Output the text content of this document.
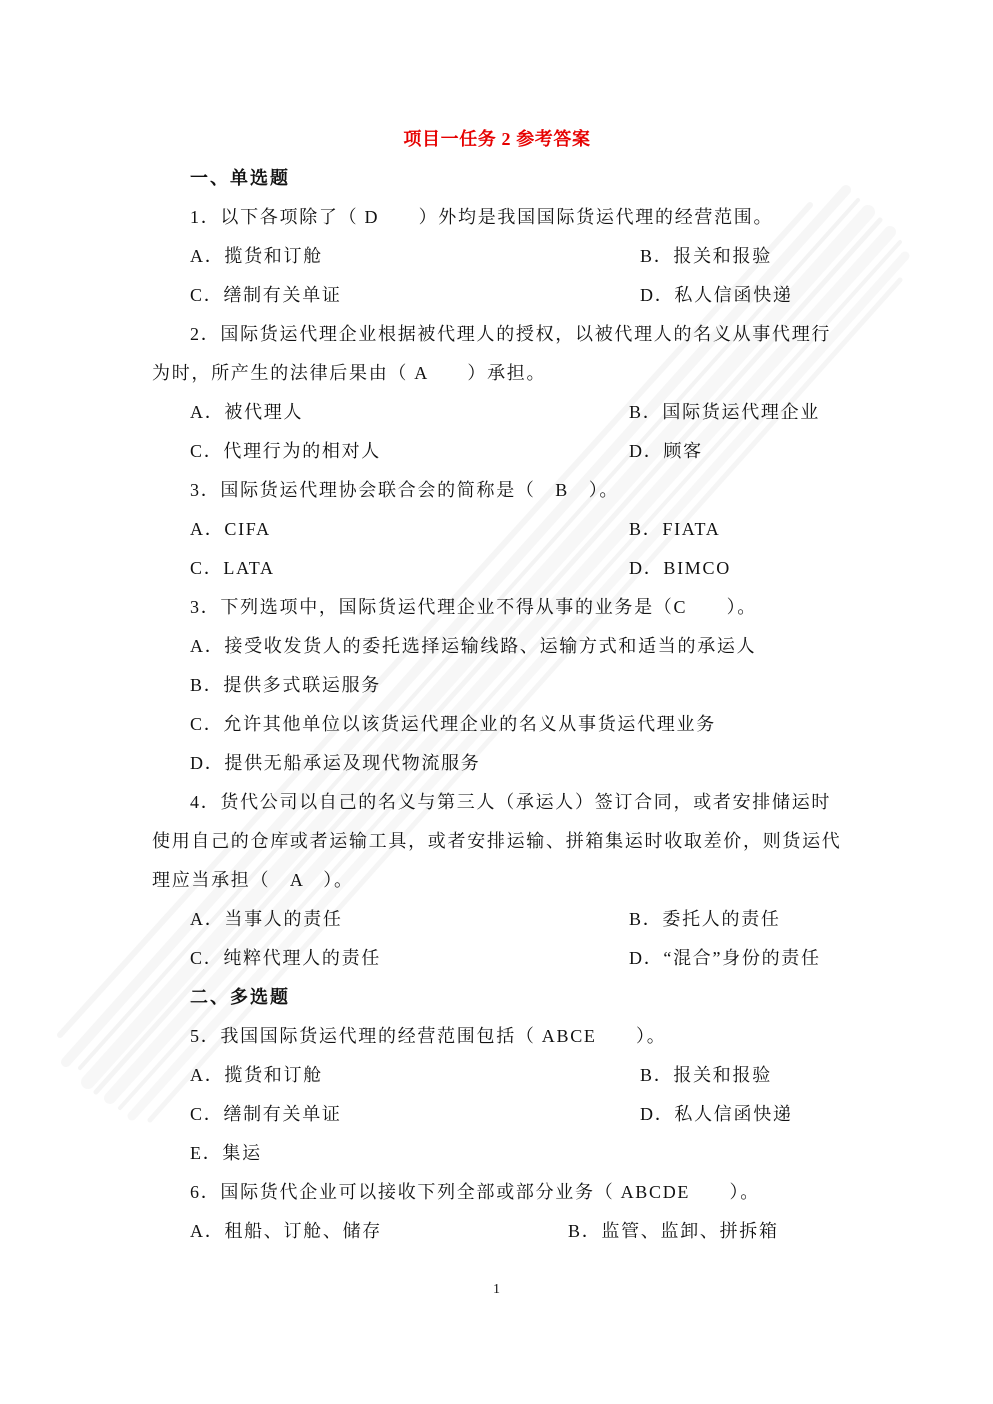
项目一任务 2 参考答案
一、单选题
1．以下各项除了（ D　　）外均是我国国际货运代理的经营范围。
A．揽货和订舱	B．报关和报验
C．缮制有关单证	D．私人信函快递
2．国际货运代理企业根据被代理人的授权，以被代理人的名义从事代理行
为时，所产生的法律后果由（ A　　）承担。
A．被代理人	B．国际货运代理企业
C．代理行为的相对人	D．顾客
3．国际货运代理协会联合会的简称是（　B　）。
A．CIFA	B．FIATA
C．LATA	D．BIMCO
3．下列选项中，国际货运代理企业不得从事的业务是（C　　）。
A．接受收发货人的委托选择运输线路、运输方式和适当的承运人
B．提供多式联运服务
C．允许其他单位以该货运代理企业的名义从事货运代理业务
D．提供无船承运及现代物流服务
4．货代公司以自己的名义与第三人（承运人）签订合同，或者安排储运时
使用自己的仓库或者运输工具，或者安排运输、拼箱集运时收取差价，则货运代
理应当承担（　A　）。
A．当事人的责任	B．委托人的责任
C．纯粹代理人的责任	D．“混合”身份的责任
二、多选题
5．我国国际货运代理的经营范围包括（ ABCE　　）。
A．揽货和订舱	B．报关和报验
C．缮制有关单证	D．私人信函快递
E．集运
6．国际货代企业可以接收下列全部或部分业务（ ABCDE　　）。
A．租船、订舱、储存	B．监管、监卸、拼拆箱
1
